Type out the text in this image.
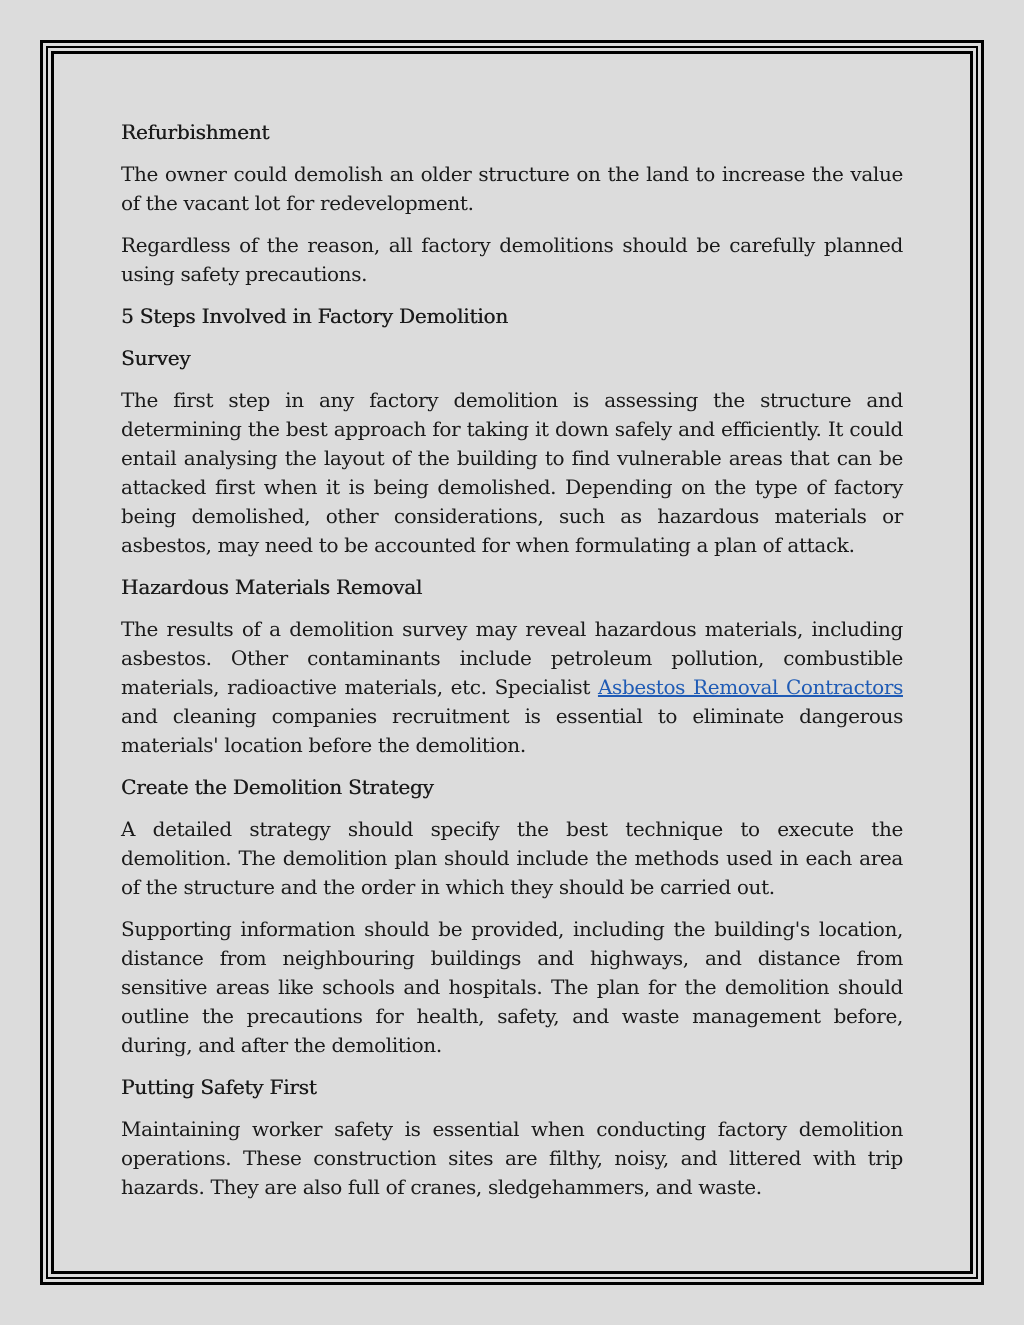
Refurbishment

The owner could demolish an older structure on the land to increase the value of the vacant lot for redevelopment.

Regardless of the reason, all factory demolitions should be carefully planned using safety precautions.

5 Steps Involved in Factory Demolition
Survey

The first step in any factory demolition is assessing the structure and determining the best approach for taking it down safely and efficiently. It could entail analysing the layout of the building to find vulnerable areas that can be attacked first when it is being demolished. Depending on the type of factory being demolished, other considerations, such as hazardous materials or asbestos, may need to be accounted for when formulating a plan of attack.

Hazardous Materials Removal

The results of a demolition survey may reveal hazardous materials, including asbestos. Other contaminants include petroleum pollution, combustible materials, radioactive materials, etc. Specialist Asbestos Removal Contractors and cleaning companies recruitment is essential to eliminate dangerous materials' location before the demolition.

Create the Demolition Strategy

A detailed strategy should specify the best technique to execute the demolition. The demolition plan should include the methods used in each area of the structure and the order in which they should be carried out.

Supporting information should be provided, including the building's location, distance from neighbouring buildings and highways, and distance from sensitive areas like schools and hospitals. The plan for the demolition should outline the precautions for health, safety, and waste management before, during, and after the demolition.

Putting Safety First

Maintaining worker safety is essential when conducting factory demolition operations. These construction sites are filthy, noisy, and littered with trip hazards. They are also full of cranes, sledgehammers, and waste.
